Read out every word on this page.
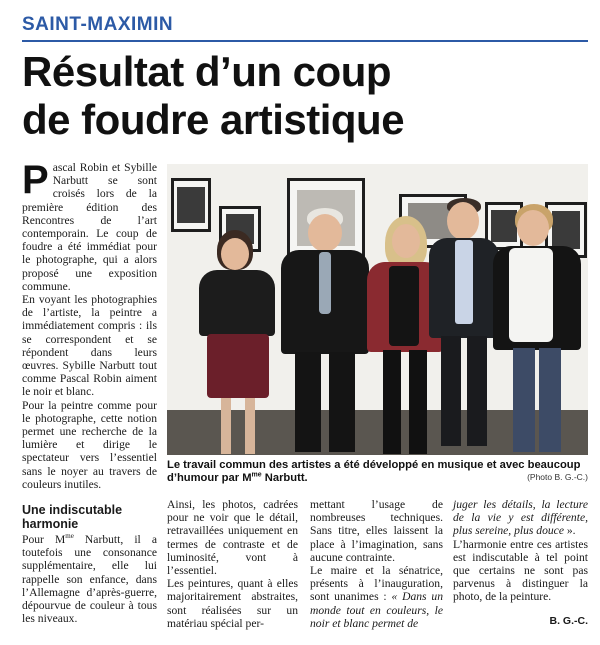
SAINT-MAXIMIN
Résultat d’un coup
de foudre artistique

Pascal Robin et Sybille Narbutt se sont croisés lors de la première édition des Rencontres de l’art contemporain. Le coup de foudre a été immédiat pour le photographe, qui a alors proposé une exposition commune.

En voyant les photographies de l’artiste, la peintre a immédiatement compris : ils se correspondent et se répondent dans leurs œuvres. Sybille Narbutt tout comme Pascal Robin aiment le noir et blanc.

Pour la peintre comme pour le photographe, cette notion permet une recherche de la lumière et dirige le spectateur vers l’essentiel sans le noyer au travers de couleurs inutiles.

Une indiscutable harmonie

Pour $M^{me}$ Narbutt, il a toutefois une consonance supplémentaire, elle lui rappelle son enfance, dans l’Allemagne d’après-guerre, dépourvue de couleur à tous les niveaux.

Le travail commun des artistes a été développé en musique et avec beaucoup d’humour par $M^{me}$ Narbutt.	(Photo B. G.-C.)

Ainsi, les photos, cadrées pour ne voir que le détail, retravaillées uniquement en termes de contraste et de luminosité, vont à l’essentiel.

Les peintures, quant à elles majoritairement abstraites, sont réalisées sur un matériau spécial per-

mettant l’usage de nombreuses techniques. Sans titre, elles laissent la place à l’imagination, sans aucune contrainte.

Le maire et la sénatrice, présents à l’inauguration, sont unanimes : « Dans un monde tout en couleurs, le noir et blanc permet de

juger les détails, la lecture de la vie y est différente, plus sereine, plus douce ».

L’harmonie entre ces artistes est indiscutable à tel point que certains ne sont pas parvenus à distinguer la photo, de la peinture.

B. G.-C.
